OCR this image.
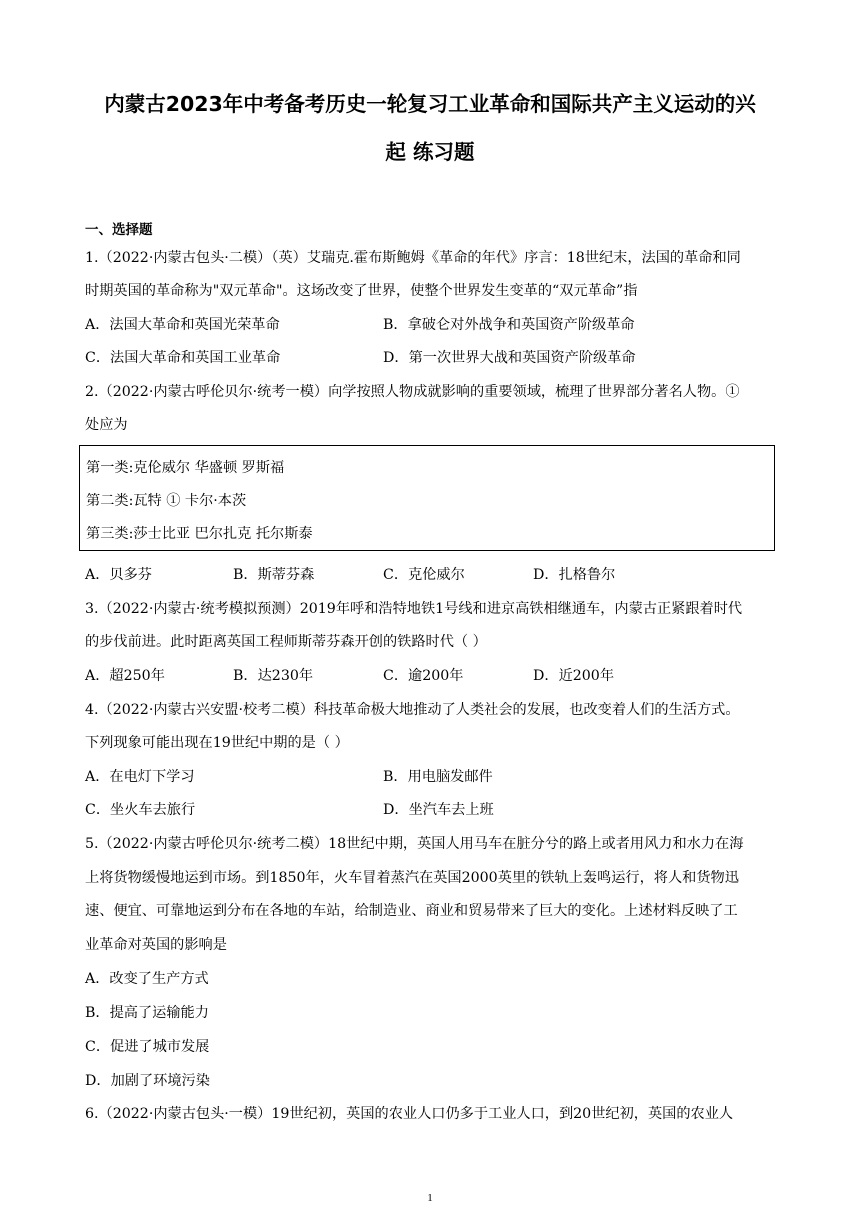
内蒙古2023年中考备考历史一轮复习工业革命和国际共产主义运动的兴
起 练习题
一、选择题
1.（2022·内蒙古包头·二模）（英）艾瑞克.霍布斯鲍姆《革命的年代》序言：18世纪末，法国的革命和同
时期英国的革命称为"双元革命"。这场改变了世界，使整个世界发生变革的“双元革命”指
A．法国大革命和英国光荣革命	B．拿破仑对外战争和英国资产阶级革命
C．法国大革命和英国工业革命	D．第一次世界大战和英国资产阶级革命
2.（2022·内蒙古呼伦贝尔·统考一模）向学按照人物成就影响的重要领域，梳理了世界部分著名人物。①
处应为
第一类:克伦威尔 华盛顿 罗斯福
第二类:瓦特 ① 卡尔·本茨
第三类:莎士比亚 巴尔扎克 托尔斯泰
A．贝多芬	B．斯蒂芬森	C．克伦威尔	D．扎格鲁尔
3.（2022·内蒙古·统考模拟预测）2019年呼和浩特地铁1号线和进京高铁相继通车，内蒙古正紧跟着时代
的步伐前进。此时距离英国工程师斯蒂芬森开创的铁路时代（ ）
A．超250年	B．达230年	C．逾200年	D．近200年
4.（2022·内蒙古兴安盟·校考二模）科技革命极大地推动了人类社会的发展，也改变着人们的生活方式。
下列现象可能出现在19世纪中期的是（ ）
A．在电灯下学习	B．用电脑发邮件
C．坐火车去旅行	D．坐汽车去上班
5.（2022·内蒙古呼伦贝尔·统考二模）18世纪中期，英国人用马车在脏分兮的路上或者用风力和水力在海
上将货物缓慢地运到市场。到1850年，火车冒着蒸汽在英国2000英里的铁轨上轰鸣运行，将人和货物迅
速、便宜、可靠地运到分布在各地的车站，给制造业、商业和贸易带来了巨大的变化。上述材料反映了工
业革命对英国的影响是
A．改变了生产方式
B．提高了运输能力
C．促进了城市发展
D．加剧了环境污染
6.（2022·内蒙古包头·一模）19世纪初，英国的农业人口仍多于工业人口，到20世纪初，英国的农业人
1
